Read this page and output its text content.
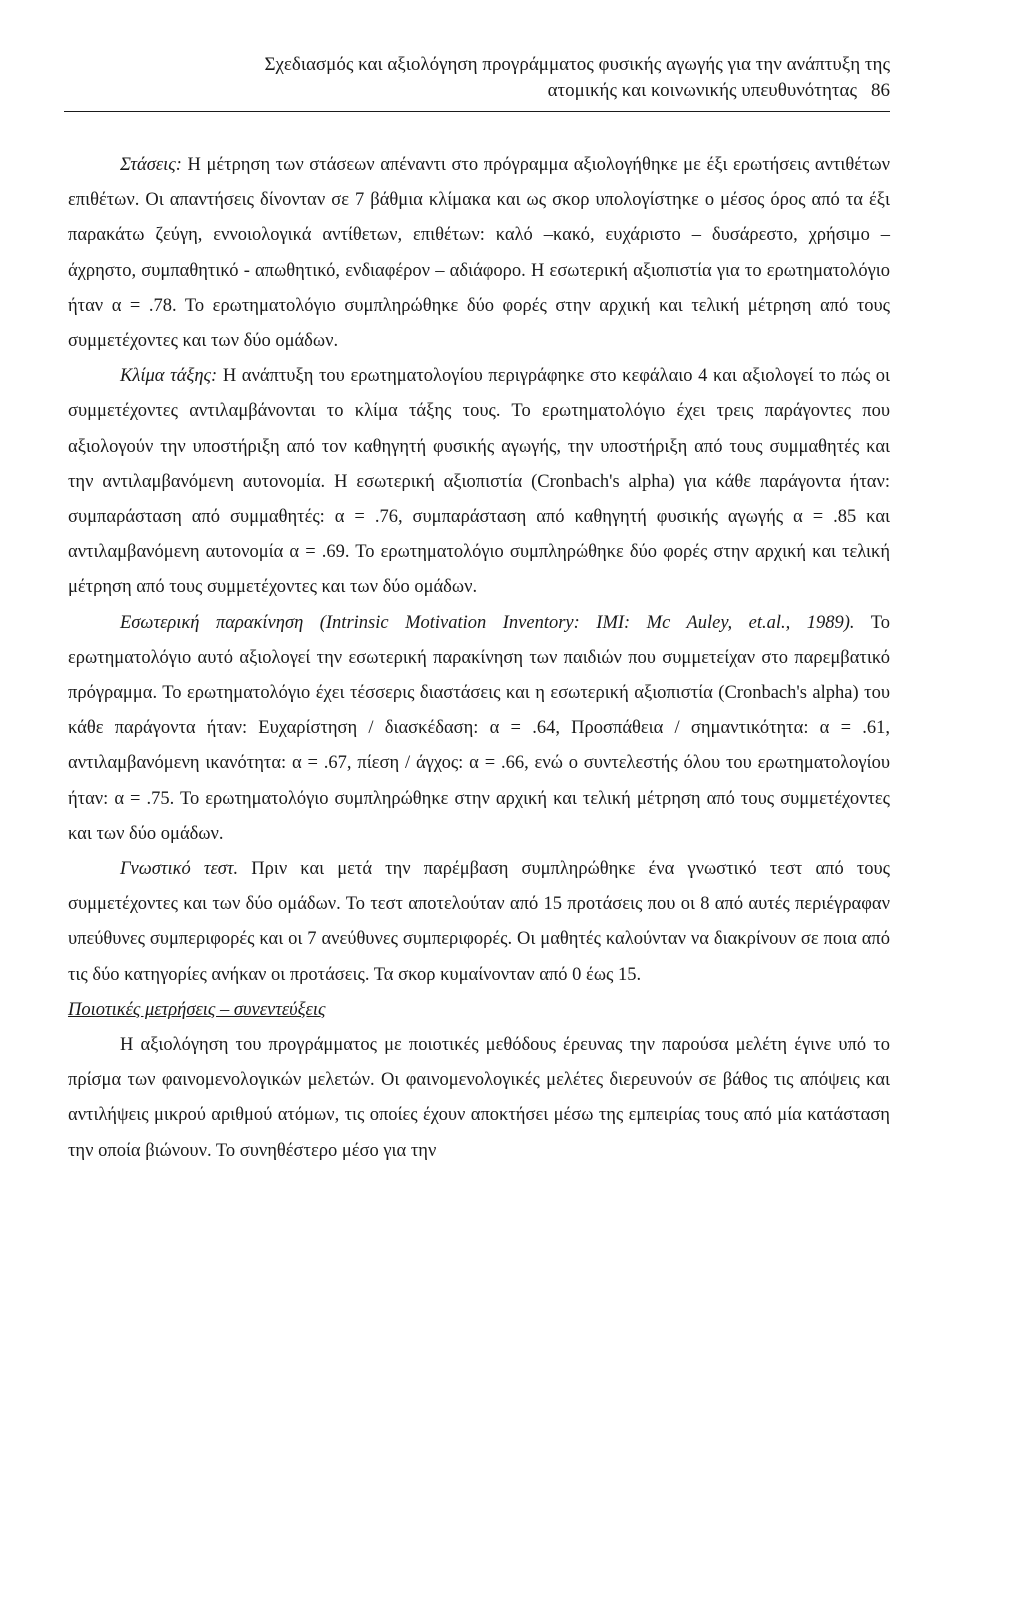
Σχεδιασμός και αξιολόγηση προγράμματος φυσικής αγωγής για την ανάπτυξη της
ατομικής και κοινωνικής υπευθυνότητας 86

Στάσεις: Η μέτρηση των στάσεων απέναντι στο πρόγραμμα αξιολογήθηκε με έξι ερωτήσεις αντιθέτων επιθέτων. Οι απαντήσεις δίνονταν σε 7 βάθμια κλίμακα και ως σκορ υπολογίστηκε ο μέσος όρος από τα έξι παρακάτω ζεύγη, εννοιολογικά αντίθετων, επιθέτων: καλό –κακό, ευχάριστο – δυσάρεστο, χρήσιμο – άχρηστο, συμπαθητικό - απωθητικό, ενδιαφέρον – αδιάφορο. Η εσωτερική αξιοπιστία για το ερωτηματολόγιο ήταν α = .78. Το ερωτηματολόγιο συμπληρώθηκε δύο φορές στην αρχική και τελική μέτρηση από τους συμμετέχοντες και των δύο ομάδων.

Κλίμα τάξης: Η ανάπτυξη του ερωτηματολογίου περιγράφηκε στο κεφάλαιο 4 και αξιολογεί το πώς οι συμμετέχοντες αντιλαμβάνονται το κλίμα τάξης τους. Το ερωτηματολόγιο έχει τρεις παράγοντες που αξιολογούν την υποστήριξη από τον καθηγητή φυσικής αγωγής, την υποστήριξη από τους συμμαθητές και την αντιλαμβανόμενη αυτονομία. Η εσωτερική αξιοπιστία (Cronbach's alpha) για κάθε παράγοντα ήταν: συμπαράσταση από συμμαθητές: α = .76, συμπαράσταση από καθηγητή φυσικής αγωγής α = .85 και αντιλαμβανόμενη αυτονομία α = .69. Το ερωτηματολόγιο συμπληρώθηκε δύο φορές στην αρχική και τελική μέτρηση από τους συμμετέχοντες και των δύο ομάδων.

Εσωτερική παρακίνηση (Intrinsic Motivation Inventory: IMI: Mc Auley, et.al., 1989). Το ερωτηματολόγιο αυτό αξιολογεί την εσωτερική παρακίνηση των παιδιών που συμμετείχαν στο παρεμβατικό πρόγραμμα. Το ερωτηματολόγιο έχει τέσσερις διαστάσεις και η εσωτερική αξιοπιστία (Cronbach's alpha) του κάθε παράγοντα ήταν: Ευχαρίστηση / διασκέδαση: α = .64, Προσπάθεια / σημαντικότητα: α = .61, αντιλαμβανόμενη ικανότητα: α = .67, πίεση / άγχος: α = .66, ενώ ο συντελεστής όλου του ερωτηματολογίου ήταν: α = .75. Το ερωτηματολόγιο συμπληρώθηκε στην αρχική και τελική μέτρηση από τους συμμετέχοντες και των δύο ομάδων.

Γνωστικό τεστ. Πριν και μετά την παρέμβαση συμπληρώθηκε ένα γνωστικό τεστ από τους συμμετέχοντες και των δύο ομάδων. Το τεστ αποτελούταν από 15 προτάσεις που οι 8 από αυτές περιέγραφαν υπεύθυνες συμπεριφορές και οι 7 ανεύθυνες συμπεριφορές. Οι μαθητές καλούνταν να διακρίνουν σε ποια από τις δύο κατηγορίες ανήκαν οι προτάσεις. Τα σκορ κυμαίνονταν από 0 έως 15.

Ποιοτικές μετρήσεις – συνεντεύξεις

Η αξιολόγηση του προγράμματος με ποιοτικές μεθόδους έρευνας την παρούσα μελέτη έγινε υπό το πρίσμα των φαινομενολογικών μελετών. Οι φαινομενολογικές μελέτες διερευνούν σε βάθος τις απόψεις και αντιλήψεις μικρού αριθμού ατόμων, τις οποίες έχουν αποκτήσει μέσω της εμπειρίας τους από μία κατάσταση την οποία βιώνουν. Το συνηθέστερο μέσο για την
